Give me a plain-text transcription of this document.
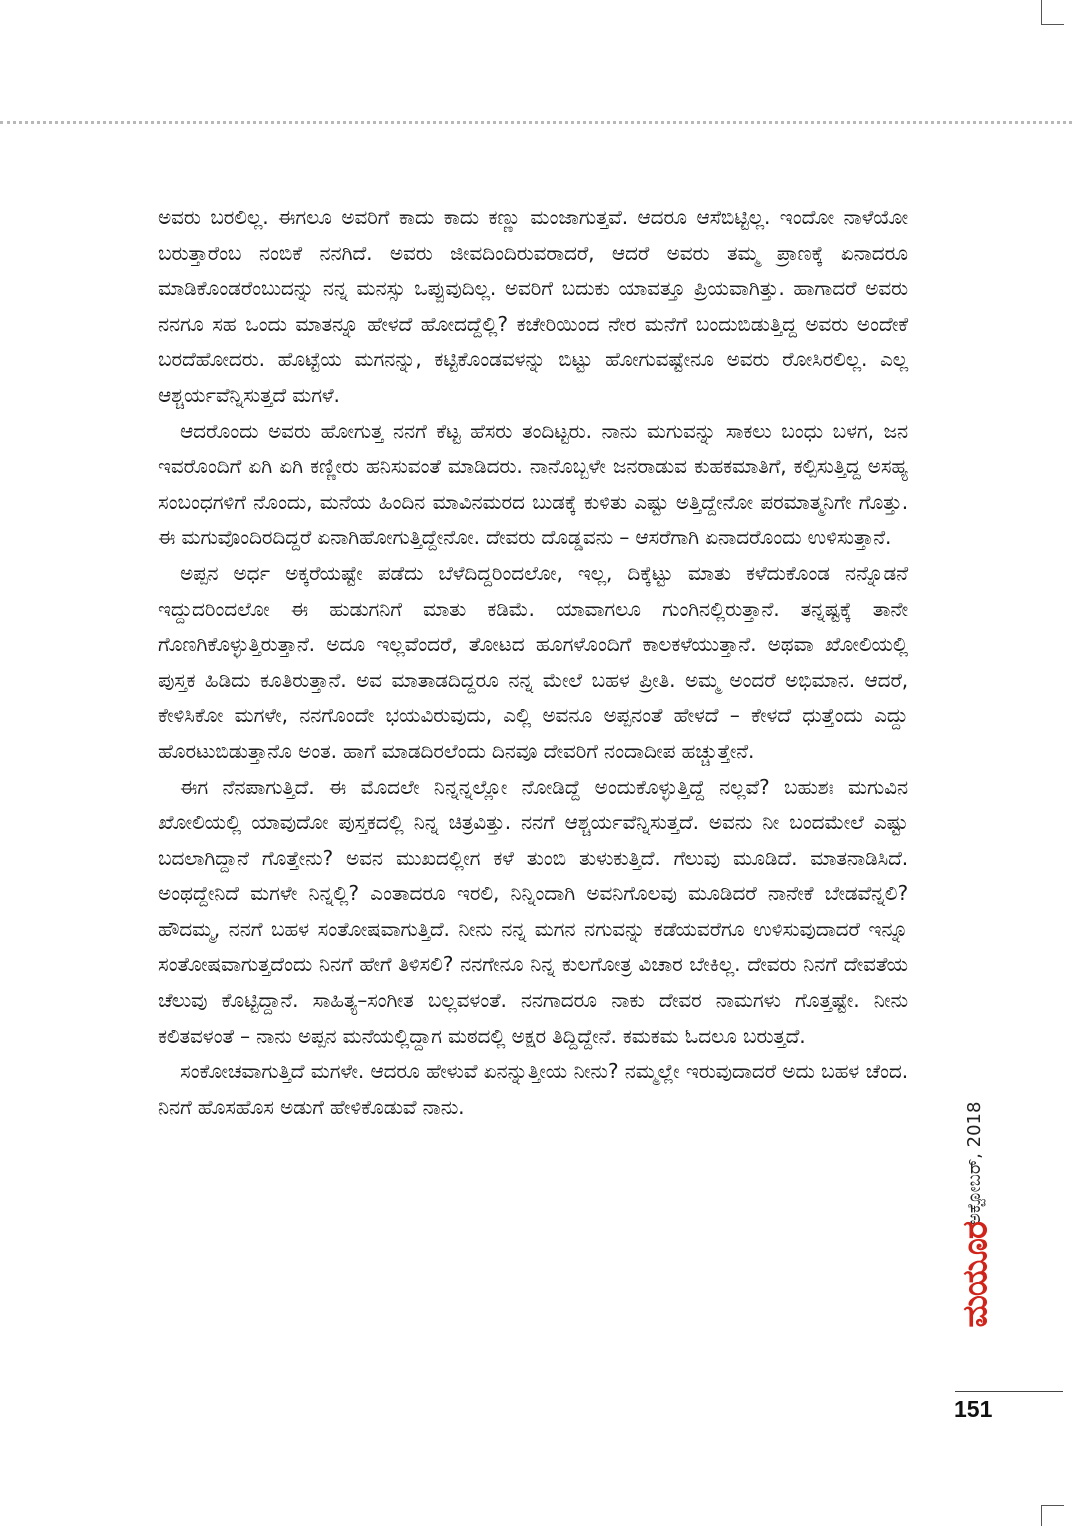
ಅವರು ಬರಲಿಲ್ಲ. ಈಗಲೂ ಅವರಿಗೆ ಕಾದು ಕಾದು ಕಣ್ಣು ಮಂಜಾಗುತ್ತವೆ. ಆದರೂ ಆಸೆಬಿಟ್ಟಿಲ್ಲ. ಇಂದೋ ನಾಳೆಯೋ ಬರುತ್ತಾರೆಂಬ ನಂಬಿಕೆ ನನಗಿದೆ. ಅವರು ಜೀವದಿಂದಿರುವರಾದರೆ, ಆದರೆ ಅವರು ತಮ್ಮ ಪ್ರಾಣಕ್ಕೆ ಏನಾದರೂ ಮಾಡಿಕೊಂಡರೆಂಬುದನ್ನು ನನ್ನ ಮನಸ್ಸು ಒಪ್ಪುವುದಿಲ್ಲ. ಅವರಿಗೆ ಬದುಕು ಯಾವತ್ತೂ ಪ್ರಿಯವಾಗಿತ್ತು. ಹಾಗಾದರೆ ಅವರು ನನಗೂ ಸಹ ಒಂದು ಮಾತನ್ನೂ ಹೇಳದೆ ಹೋದದ್ದೆಲ್ಲಿ? ಕಚೇರಿಯಿಂದ ನೇರ ಮನೆಗೆ ಬಂದುಬಿಡುತ್ತಿದ್ದ ಅವರು ಅಂದೇಕೆ ಬರದೆಹೋದರು. ಹೊಟ್ಟೆಯ ಮಗನನ್ನು, ಕಟ್ಟಿಕೊಂಡವಳನ್ನು ಬಿಟ್ಟು ಹೋಗುವಷ್ಟೇನೂ ಅವರು ರೋಸಿರಲಿಲ್ಲ. ಎಲ್ಲ ಆಶ್ಚರ್ಯವೆನ್ನಿಸುತ್ತದೆ ಮಗಳೆ.

ಆದರೊಂದು ಅವರು ಹೋಗುತ್ತ ನನಗೆ ಕೆಟ್ಟ ಹೆಸರು ತಂದಿಟ್ಟರು. ನಾನು ಮಗುವನ್ನು ಸಾಕಲು ಬಂಧು ಬಳಗ, ಜನ ಇವರೊಂದಿಗೆ ಏಗಿ ಏಗಿ ಕಣ್ಣೀರು ಹನಿಸುವಂತೆ ಮಾಡಿದರು. ನಾನೊಬ್ಬಳೇ ಜನರಾಡುವ ಕುಹಕಮಾತಿಗೆ, ಕಲ್ಪಿಸುತ್ತಿದ್ದ ಅಸಹ್ಯ ಸಂಬಂಧಗಳಿಗೆ ನೊಂದು, ಮನೆಯ ಹಿಂದಿನ ಮಾವಿನಮರದ ಬುಡಕ್ಕೆ ಕುಳಿತು ಎಷ್ಟು ಅತ್ತಿದ್ದೇನೋ ಪರಮಾತ್ಮನಿಗೇ ಗೊತ್ತು. ಈ ಮಗುವೊಂದಿರದಿದ್ದರೆ ಏನಾಗಿಹೋಗುತ್ತಿದ್ದೇನೋ. ದೇವರು ದೊಡ್ಡವನು – ಆಸರೆಗಾಗಿ ಏನಾದರೊಂದು ಉಳಿಸುತ್ತಾನೆ.

ಅಪ್ಪನ ಅರ್ಧ ಅಕ್ಕರೆಯಷ್ಟೇ ಪಡೆದು ಬೆಳೆದಿದ್ದರಿಂದಲೋ, ಇಲ್ಲ, ದಿಕ್ಕೆಟ್ಟು ಮಾತು ಕಳೆದುಕೊಂಡ ನನ್ನೊಡನೆ ಇದ್ದುದರಿಂದಲೋ ಈ ಹುಡುಗನಿಗೆ ಮಾತು ಕಡಿಮೆ. ಯಾವಾಗಲೂ ಗುಂಗಿನಲ್ಲಿರುತ್ತಾನೆ. ತನ್ನಷ್ಟಕ್ಕೆ ತಾನೇ ಗೊಣಗಿಕೊಳ್ಳುತ್ತಿರುತ್ತಾನೆ. ಅದೂ ಇಲ್ಲವೆಂದರೆ, ತೋಟದ ಹೂಗಳೊಂದಿಗೆ ಕಾಲಕಳೆಯುತ್ತಾನೆ. ಅಥವಾ ಖೋಲಿಯಲ್ಲಿ ಪುಸ್ತಕ ಹಿಡಿದು ಕೂತಿರುತ್ತಾನೆ. ಅವ ಮಾತಾಡದಿದ್ದರೂ ನನ್ನ ಮೇಲೆ ಬಹಳ ಪ್ರೀತಿ. ಅಮ್ಮ ಅಂದರೆ ಅಭಿಮಾನ. ಆದರೆ, ಕೇಳಿಸಿಕೋ ಮಗಳೇ, ನನಗೊಂದೇ ಭಯವಿರುವುದು, ಎಲ್ಲಿ ಅವನೂ ಅಪ್ಪನಂತೆ ಹೇಳದೆ – ಕೇಳದೆ ಧುತ್ತೆಂದು ಎದ್ದು ಹೊರಟುಬಿಡುತ್ತಾನೊ ಅಂತ. ಹಾಗೆ ಮಾಡದಿರಲೆಂದು ದಿನವೂ ದೇವರಿಗೆ ನಂದಾದೀಪ ಹಚ್ಚುತ್ತೇನೆ.

ಈಗ ನೆನಪಾಗುತ್ತಿದೆ. ಈ ಮೊದಲೇ ನಿನ್ನನ್ನಲ್ಲೋ ನೋಡಿದ್ದೆ ಅಂದುಕೊಳ್ಳುತ್ತಿದ್ದೆ ನಲ್ಲವೆ? ಬಹುಶಃ ಮಗುವಿನ ಖೋಲಿಯಲ್ಲಿ ಯಾವುದೋ ಪುಸ್ತಕದಲ್ಲಿ ನಿನ್ನ ಚಿತ್ರವಿತ್ತು. ನನಗೆ ಆಶ್ಚರ್ಯವೆನ್ನಿಸುತ್ತದೆ. ಅವನು ನೀ ಬಂದಮೇಲೆ ಎಷ್ಟು ಬದಲಾಗಿದ್ದಾನೆ ಗೊತ್ತೇನು? ಅವನ ಮುಖದಲ್ಲೀಗ ಕಳೆ ತುಂಬಿ ತುಳುಕುತ್ತಿದೆ. ಗೆಲುವು ಮೂಡಿದೆ. ಮಾತನಾಡಿಸಿದೆ. ಅಂಥದ್ದೇನಿದೆ ಮಗಳೇ ನಿನ್ನಲ್ಲಿ? ಎಂತಾದರೂ ಇರಲಿ, ನಿನ್ನಿಂದಾಗಿ ಅವನಿಗೊಲವು ಮೂಡಿದರೆ ನಾನೇಕೆ ಬೇಡವೆನ್ನಲಿ? ಹೌದಮ್ಮ, ನನಗೆ ಬಹಳ ಸಂತೋಷವಾಗುತ್ತಿದೆ. ನೀನು ನನ್ನ ಮಗನ ನಗುವನ್ನು ಕಡೆಯವರೆಗೂ ಉಳಿಸುವುದಾದರೆ ಇನ್ನೂ ಸಂತೋಷವಾಗುತ್ತದೆಂದು ನಿನಗೆ ಹೇಗೆ ತಿಳಿಸಲಿ? ನನಗೇನೂ ನಿನ್ನ ಕುಲಗೋತ್ರ ವಿಚಾರ ಬೇಕಿಲ್ಲ. ದೇವರು ನಿನಗೆ ದೇವತೆಯ ಚೆಲುವು ಕೊಟ್ಟಿದ್ದಾನೆ. ಸಾಹಿತ್ಯ–ಸಂಗೀತ ಬಲ್ಲವಳಂತೆ. ನನಗಾದರೂ ನಾಕು ದೇವರ ನಾಮಗಳು ಗೊತ್ತಷ್ಟೇ. ನೀನು ಕಲಿತವಳಂತೆ – ನಾನು ಅಪ್ಪನ ಮನೆಯಲ್ಲಿದ್ದಾಗ ಮಠದಲ್ಲಿ ಅಕ್ಷರ ತಿದ್ದಿದ್ದೇನೆ. ಕಮಕಮ ಓದಲೂ ಬರುತ್ತದೆ.

ಸಂಕೋಚವಾಗುತ್ತಿದೆ ಮಗಳೇ. ಆದರೂ ಹೇಳುವೆ ಏನನ್ನುತ್ತೀಯ ನೀನು? ನಮ್ಮಲ್ಲೇ ಇರುವುದಾದರೆ ಅದು ಬಹಳ ಚೆಂದ. ನಿನಗೆ ಹೊಸಹೊಸ ಅಡುಗೆ ಹೇಳಿಕೊಡುವೆ ನಾನು.	ಅಕ್ಟೋಬರ್, 2018
ಮಯೂರ
151
